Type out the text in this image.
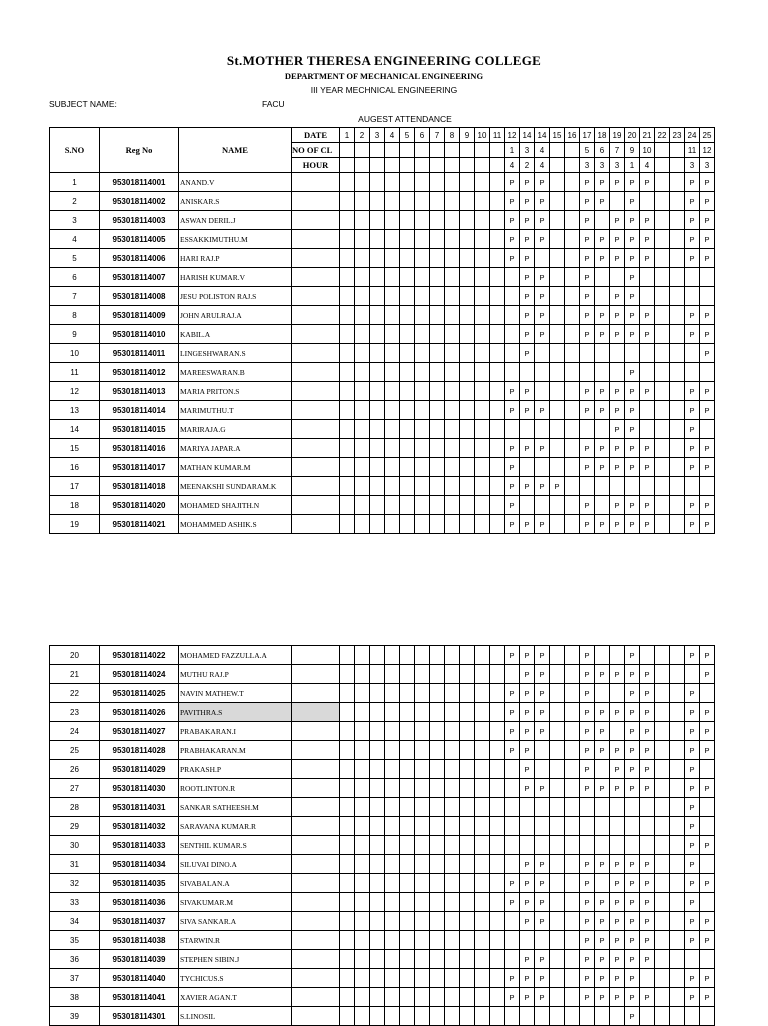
St.MOTHER THERESA ENGINEERING COLLEGE
DEPARTMENT OF MECHANICAL ENGINEERING
III YEAR MECHNICAL ENGINEERING
SUBJECT NAME:	FACU
AUGEST ATTENDANCE
S.NO	Reg No	NAME	DATE	1	2	3	4	5	6	7	8	9	10	11	12	14	14	15	16	17	18	19	20	21	22	23	24	25
			NO OF CL												1	3	4			5	6	7	9	10			11	12
			HOUR												4	2	4			3	3	3	1	4			3	3
1	953018114001	ANAND.V													P	P	P			P	P	P	P	P			P	P
2	953018114002	ANISKAR.S													P	P	P			P	P		P				P	P
3	953018114003	ASWAN DERIL.J													P	P	P			P		P	P	P			P	P
4	953018114005	ESSAKKIMUTHU.M													P	P	P			P	P	P	P	P			P	P
5	953018114006	HARI RAJ.P													P	P				P	P	P	P	P			P	P
6	953018114007	HARISH KUMAR.V														P	P			P			P					
7	953018114008	JESU POLISTON RAJ.S														P	P			P		P	P					
8	953018114009	JOHN ARULRAJ.A														P	P			P	P	P	P	P			P	P
9	953018114010	KABIL.A														P	P			P	P	P	P	P			P	P
10	953018114011	LINGESHWARAN.S														P												P
11	953018114012	MAREESWARAN.B																					P					
12	953018114013	MARIA PRITON.S													P	P				P	P	P	P	P			P	P
13	953018114014	MARIMUTHU.T													P	P	P			P	P	P	P				P	P
14	953018114015	MARIRAJA.G																				P	P				P	
15	953018114016	MARIYA JAPAR.A													P	P	P			P	P	P	P	P			P	P
16	953018114017	MATHAN KUMAR.M													P					P	P	P	P	P			P	P
17	953018114018	MEENAKSHI SUNDARAM.K													P	P	P	P										
18	953018114020	MOHAMED SHAJITH.N													P					P		P	P	P			P	P
19	953018114021	MOHAMMED ASHIK.S													P	P	P			P	P	P	P	P			P	P
20	953018114022	MOHAMED FAZZULLA.A													P	P	P			P			P				P	P
21	953018114024	MUTHU RAJ.P														P	P			P	P	P	P	P				P
22	953018114025	NAVIN MATHEW.T													P	P	P			P			P	P			P	
23	953018114026	PAVITHRA.S													P	P	P			P	P	P	P	P			P	P
24	953018114027	PRABAKARAN.I													P	P	P			P	P		P	P			P	P
25	953018114028	PRABHAKARAN.M													P	P				P	P	P	P	P			P	P
26	953018114029	PRAKASH.P														P				P		P	P	P			P	
27	953018114030	ROOTLINTON.R														P	P			P	P	P	P	P			P	P
28	953018114031	SANKAR SATHEESH.M																									P	
29	953018114032	SARAVANA KUMAR.R																									P	
30	953018114033	SENTHIL KUMAR.S																									P	P
31	953018114034	SILUVAI DINO.A														P	P			P	P	P	P	P			P	
32	953018114035	SIVABALAN.A													P	P	P			P		P	P	P			P	P
33	953018114036	SIVAKUMAR.M													P	P	P			P	P	P	P	P			P	
34	953018114037	SIVA SANKAR.A														P	P			P	P	P	P	P			P	P
35	953018114038	STARWIN.R																		P	P	P	P	P			P	P
36	953018114039	STEPHEN SIBIN.J														P	P			P	P	P	P	P				
37	953018114040	TYCHICUS.S													P	P	P			P	P	P	P				P	P
38	953018114041	XAVIER AGAN.T													P	P	P			P	P	P	P	P			P	P
39	953018114301	S.LINOSIL																					P					
